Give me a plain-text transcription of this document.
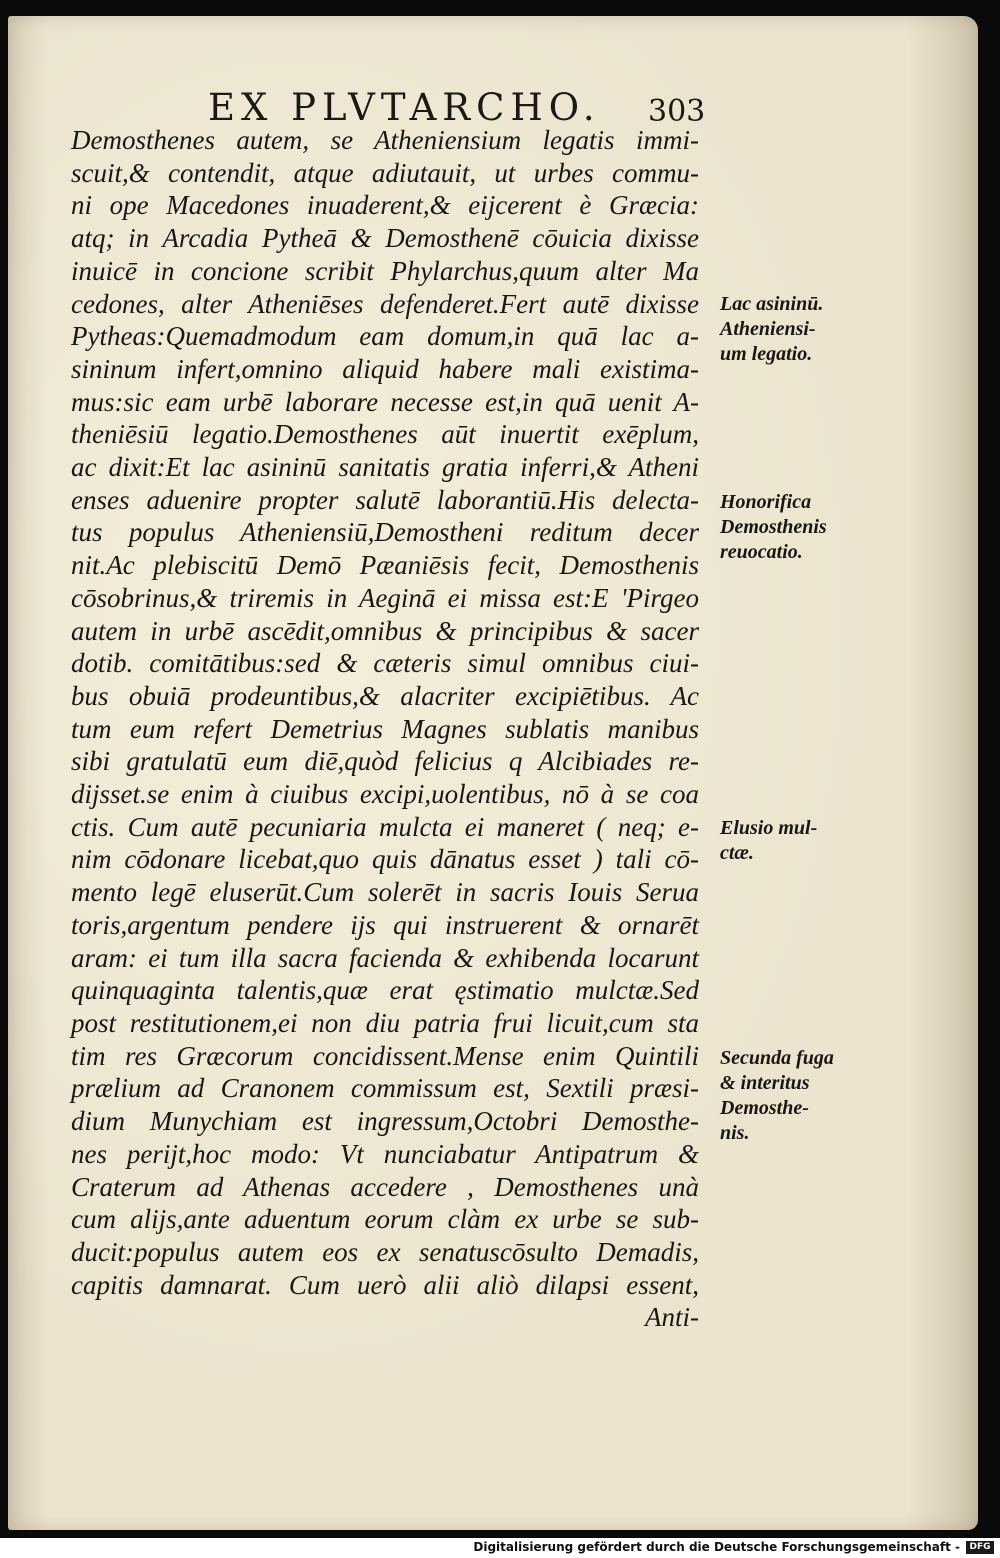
EX PLVTARCHO. 303
Demosthenes autem, se Atheniensium legatis immi-
scuit,& contendit, atque adiutauit, ut urbes commu-
ni ope Macedones inuaderent,& eijcerent è Græcia:
atq; in Arcadia Pytheā & Demosthenē cōuicia dixisse
inuicē in concione scribit Phylarchus,quum alter Ma
cedones, alter Atheniēses defenderet.Fert autē dixisse
Pytheas:Quemadmodum eam domum,in quā lac a-
sininum infert,omnino aliquid habere mali existima-
mus:sic eam urbē laborare necesse est,in quā uenit A-
theniēsiū legatio.Demosthenes aūt inuertit exēplum,
ac dixit:Et lac asininū sanitatis gratia inferri,& Atheni
enses aduenire propter salutē laborantiū.His delecta-
tus populus Atheniensiū,Demostheni reditum decer
nit.Ac plebiscitū Demō Pæaniēsis fecit, Demosthenis
cōsobrinus,& triremis in Aeginā ei missa est:E 'Pirgeo
autem in urbē ascēdit,omnibus & principibus & sacer
dotib. comitātibus:sed & cæteris simul omnibus ciui-
bus obuiā prodeuntibus,& alacriter excipiētibus. Ac
tum eum refert Demetrius Magnes sublatis manibus
sibi gratulatū eum diē,quòd felicius q Alcibiades re-
dijsset.se enim à ciuibus excipi,uolentibus, nō à se coa
ctis. Cum autē pecuniaria mulcta ei maneret ( neq; e-
nim cōdonare licebat,quo quis dānatus esset ) tali cō-
mento legē eluserūt.Cum solerēt in sacris Iouis Serua
toris,argentum pendere ijs qui instruerent & ornarēt
aram: ei tum illa sacra facienda & exhibenda locarunt
quinquaginta talentis,quæ erat ęstimatio mulctæ.Sed
post restitutionem,ei non diu patria frui licuit,cum sta
tim res Græcorum concidissent.Mense enim Quintili
prælium ad Cranonem commissum est, Sextili præsi-
dium Munychiam est ingressum,Octobri Demosthe-
nes perijt,hoc modo: Vt nunciabatur Antipatrum &
Craterum ad Athenas accedere , Demosthenes unà
cum alijs,ante aduentum eorum clàm ex urbe se sub-
ducit:populus autem eos ex senatuscōsulto Demadis,
capitis damnarat. Cum uerò alii aliò dilapsi essent,
Anti-
Lac asininū.
Atheniensi-
um legatio.
Honorifica
Demosthenis
reuocatio.
Elusio mul-
ctæ.
Secunda fuga
& interitus
Demosthe-
nis.
Digitalisierung gefördert durch die Deutsche Forschungsgemeinschaft -	DFG
